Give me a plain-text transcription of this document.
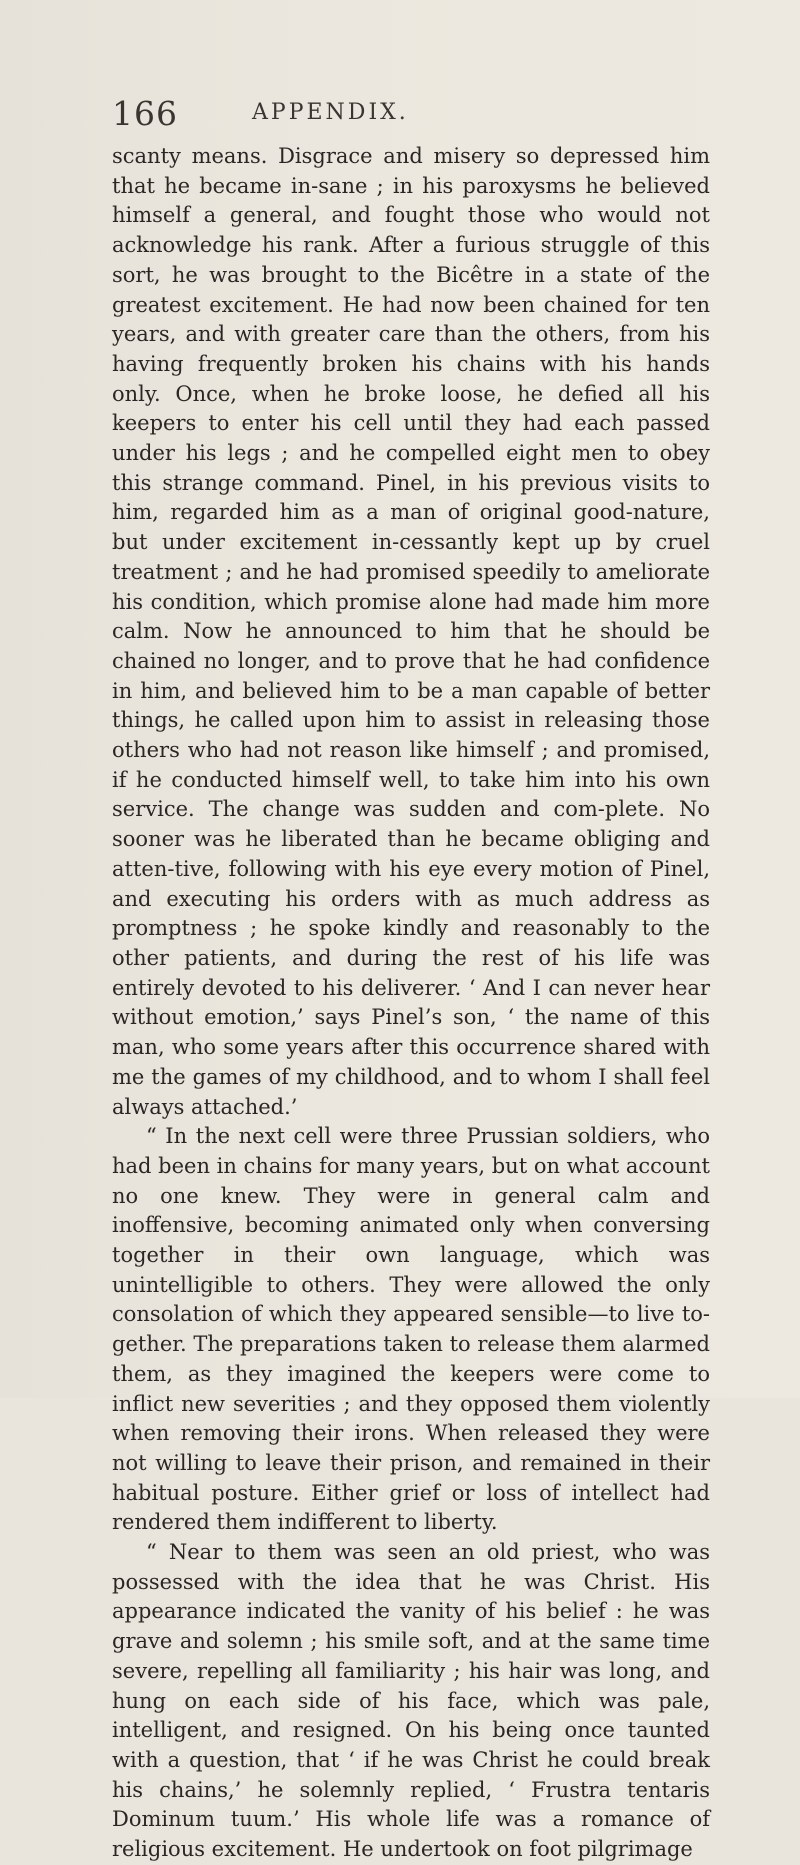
166	APPENDIX.

scanty means. Disgrace and misery so depressed him that he became in-sane ; in his paroxysms he believed himself a general, and fought those who would not acknowledge his rank. After a furious struggle of this sort, he was brought to the Bicêtre in a state of the greatest excitement. He had now been chained for ten years, and with greater care than the others, from his having frequently broken his chains with his hands only. Once, when he broke loose, he defied all his keepers to enter his cell until they had each passed under his legs ; and he compelled eight men to obey this strange command. Pinel, in his previous visits to him, regarded him as a man of original good-nature, but under excitement in-cessantly kept up by cruel treatment ; and he had promised speedily to ameliorate his condition, which promise alone had made him more calm. Now he announced to him that he should be chained no longer, and to prove that he had confidence in him, and believed him to be a man capable of better things, he called upon him to assist in releasing those others who had not reason like himself ; and promised, if he conducted himself well, to take him into his own service. The change was sudden and com-plete. No sooner was he liberated than he became obliging and atten-tive, following with his eye every motion of Pinel, and executing his orders with as much address as promptness ; he spoke kindly and reasonably to the other patients, and during the rest of his life was entirely devoted to his deliverer. ‘ And I can never hear without emotion,’ says Pinel’s son, ‘ the name of this man, who some years after this occurrence shared with me the games of my childhood, and to whom I shall feel always attached.’

“ In the next cell were three Prussian soldiers, who had been in chains for many years, but on what account no one knew. They were in general calm and inoffensive, becoming animated only when conversing together in their own language, which was unintelligible to others. They were allowed the only consolation of which they appeared sensible—to live to-gether. The preparations taken to release them alarmed them, as they imagined the keepers were come to inflict new severities ; and they opposed them violently when removing their irons. When released they were not willing to leave their prison, and remained in their habitual posture. Either grief or loss of intellect had rendered them indifferent to liberty.

“ Near to them was seen an old priest, who was possessed with the idea that he was Christ. His appearance indicated the vanity of his belief : he was grave and solemn ; his smile soft, and at the same time severe, repelling all familiarity ; his hair was long, and hung on each side of his face, which was pale, intelligent, and resigned. On his being once taunted with a question, that ‘ if he was Christ he could break his chains,’ he solemnly replied, ‘ Frustra tentaris Dominum tuum.’ His whole life was a romance of religious excitement. He undertook on foot pilgrimage
